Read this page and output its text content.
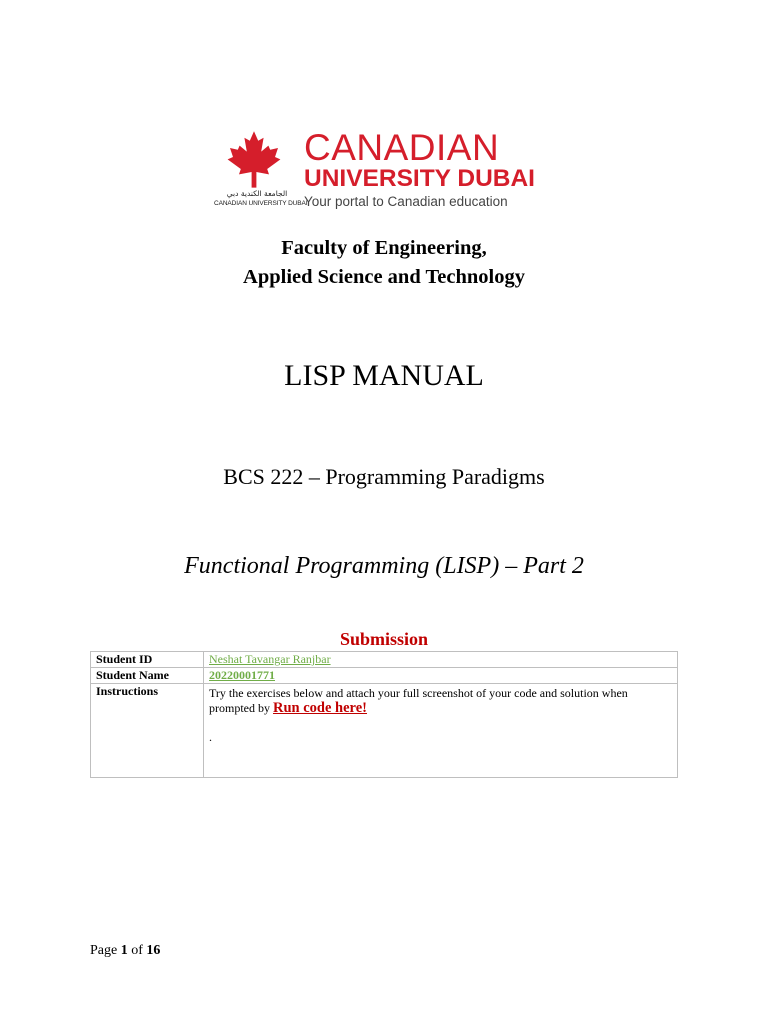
الجامعة الكندية دبي
CANADIAN UNIVERSITY DUBAI
CANADIAN
UNIVERSITY DUBAI
Your portal to Canadian education
Faculty of Engineering,
Applied Science and Technology
LISP MANUAL
BCS 222 – Programming Paradigms
Functional Programming (LISP) – Part 2
Submission
Student ID	Neshat Tavangar Ranjbar
Student Name	20220001771
Instructions	Try the exercises below and attach your full screenshot of your code and solution when prompted by Run code here!
.
Page 1 of 16
